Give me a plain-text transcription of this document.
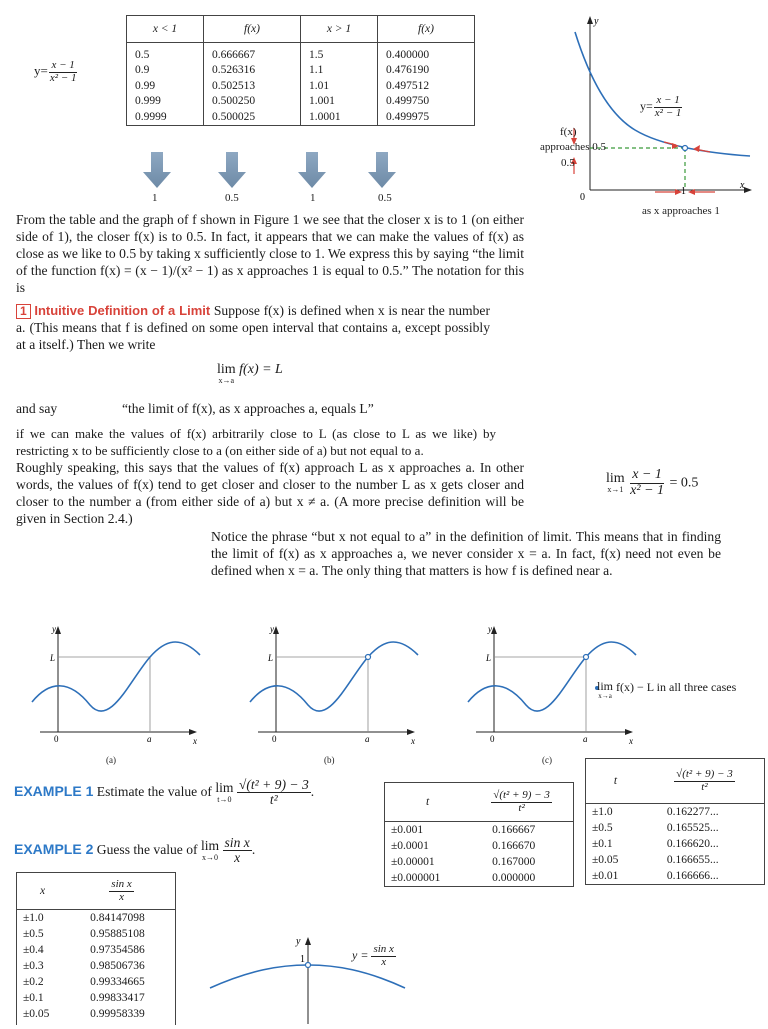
$y= \frac{x - 1}{\text{x² − 1}}$
x < 1	f(x)	x > 1	f(x)
0.5	0.666667	1.5	0.400000
0.9	0.526316	1.1	0.476190
0.99	0.502513	1.01	0.497512
0.999	0.500250	1.001	0.499750
0.9999	0.500025	1.0001	0.499975
1	0.5	1	0.5
y
x
0
1
$y= \frac{x - 1}{\text{x² − 1}}$
f(x)
approaches 0.5
0.5
as x approaches 1
From the table and the graph of f shown in Figure 1 we see that the closer x is to 1 (on either side of 1), the closer f(x) is to 0.5. In fact, it appears that we can make the values of f(x) as close as we like to 0.5 by taking x sufficiently close to 1. We express this by saying “the limit of the function f(x) = (x − 1)/(x² − 1) as x approaches 1 is equal to 0.5.” The notation for this is
1 Intuitive Definition of a Limit Suppose f(x) is defined when x is near the number a. (This means that f is defined on some open interval that contains a, except possibly at a itself.) Then we write
lim
x→a
f(x) = L
and say	“the limit of f(x), as x approaches a, equals L”
if we can make the values of f(x) arbitrarily close to L (as close to L as we like) by restricting x to be sufficiently close to a (on either side of a) but not equal to a.
Roughly speaking, this says that the values of f(x) approach L as x approaches a. In other words, the values of f(x) tend to get closer and closer to the number L as x gets closer and closer to the number a (from either side of a) but x ≠ a. (A more precise definition will be given in Section 2.4.)
lim
x→1
$\frac{x - 1}{\text{x² − 1}} = 0.5$
Notice the phrase “but x not equal to a” in the definition of limit. This means that in finding the limit of f(x) as x approaches a, we never consider x = a. In fact, f(x) need not even be defined when x = a. The only thing that matters is how f is defined near a.
y
L
0	a	x
y
L
0	a	x
y
L
0	a	x
(a)	(b)	(c)
lim
x→a
f(x) − L in all three cases
EXAMPLE 1 Estimate the value of lim
t→0
$\frac{\text{√(t² + 9) − 3}}{\text{t²}}$ .
t	$\frac{\text{√(t² + 9) − 3}}{\text{t²}}$

±0.001	0.166667
±0.0001	0.166670
±0.00001	0.167000
±0.000001	0.000000
t	$\frac{\text{√(t² + 9) − 3}}{\text{t²}}$

±1.0	0.162277...
±0.5	0.165525...
±0.1	0.166620...
±0.05	0.166655...
±0.01	0.166666...
EXAMPLE 2 Guess the value of lim
x→0
$\frac{\text{sin x}}{x}$ .
x	$\frac{\text{sin x}}{x}$

±1.0	0.84147098
±0.5	0.95885108
±0.4	0.97354586
±0.3	0.98506736
±0.2	0.99334665
±0.1	0.99833417
±0.05	0.99958339
y
1	$y = \frac{\text{sin x}}{x}$
